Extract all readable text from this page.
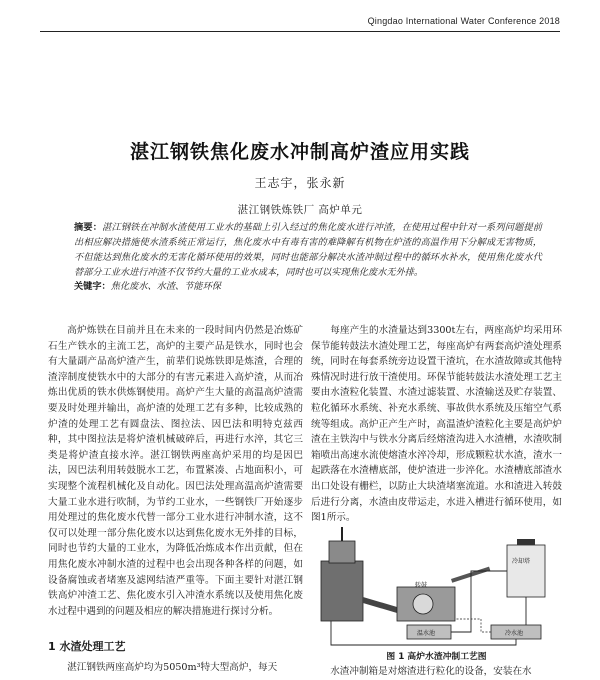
Qingdao International Water Conference 2018
湛江钢铁焦化废水冲制高炉渣应用实践
王志宇，张永新
湛江钢铁炼铁厂 高炉单元
摘要：湛江钢铁在冲制水渣使用工业水的基础上引入经过的焦化废水进行冲渣，在使用过程中针对一系列问题提前出相应解决措施使水渣系统正常运行，焦化废水中有毒有害的难降解有机物在炉渣的高温作用下分解成无害物质，不但能达到焦化废水的无害化循环使用的效果，同时也能部分解决水渣冲制过程中的循环水补水，使用焦化废水代替部分工业水进行冲渣不仅节约大量的工业水成本，同时也可以实现焦化废水无外排。
关键字：焦化废水、水渣、节能环保

高炉炼铁在目前并且在未来的一段时间内仍然是冶炼矿石生产铁水的主流工艺，高炉的主要产品是铁水，同时也会有大量副产品高炉渣产生，前辈们说炼铁即是炼渣，合理的渣滓制度使铁水中的大部分的有害元素进入高炉渣，从而冶炼出优质的铁水供炼钢使用。高炉产生大量的高温高炉渣需要及时处理并输出，高炉渣的处理工艺有多种，比较成熟的炉渣的处理工艺有圆盘法、图拉法、因巴法和明特克兹西种，其中图拉法是将炉渣机械破碎后，再进行水淬，其它三类是将炉渣直接水淬。湛江钢铁两座高炉采用的均是因巴法，因巴法利用转鼓脱水工艺，布置紧凑、占地面积小，可实现整个流程机械化及自动化。因巴法处理高温高炉渣需要大量工业水进行吹制，为节约工业水，一些钢铁厂开始逐步用处理过的焦化废水代替一部分工业水进行冲制水渣，这不仅可以处理一部分焦化废水以达到焦化废水无外排的目标，同时也节约大量的工业水，为降低冶炼成本作出贡献，但在用焦化废水冲制水渣的过程中也会出现各种各样的问题，如设备腐蚀或者堵塞及滤网结渣严重等。下面主要针对湛江钢铁高炉冲渣工艺、焦化废水引入冲渣水系统以及使用焦化废水过程中遇到的问题及相应的解决措施进行探讨分析。

1 水渣处理工艺
湛江钢铁两座高炉均为5050m³特大型高炉，每天

每座产生的水渣量达到3300t左右，两座高炉均采用环保节能转鼓法水渣处理工艺，每座高炉有两套高炉渣处理系统，同时在每套系统旁边设置干渣坑，在水渣故障或其他特殊情况时进行放干渣使用。环保节能转鼓法水渣处理工艺主要由水渣粒化装置、水渣过滤装置、水渣输送及贮存装置、粒化循环水系统、补充水系统、事故供水系统及压缩空气系统等组成。高炉正产生产时，高温渣炉渣粒化主要是高炉炉渣在主铁沟中与铁水分离后经熔渣沟进入水渣槽，水渣吹制箱喷出高速水流使熔渣水淬冷却，形成颗粒状水渣，渣水一起跌落在水渣槽底部，使炉渣进一步淬化。水渣槽底部渣水出口处设有栅栏，以防止大块渣堵塞流道。水和渣进入转鼓后进行分离，水渣由皮带运走，水进入槽进行循环使用，如图1所示。

冷却塔
转鼓
温水池	冷水池
图 1 高炉水渣冲制工艺图
水渣冲制箱是对熔渣进行粒化的设备，安装在水
